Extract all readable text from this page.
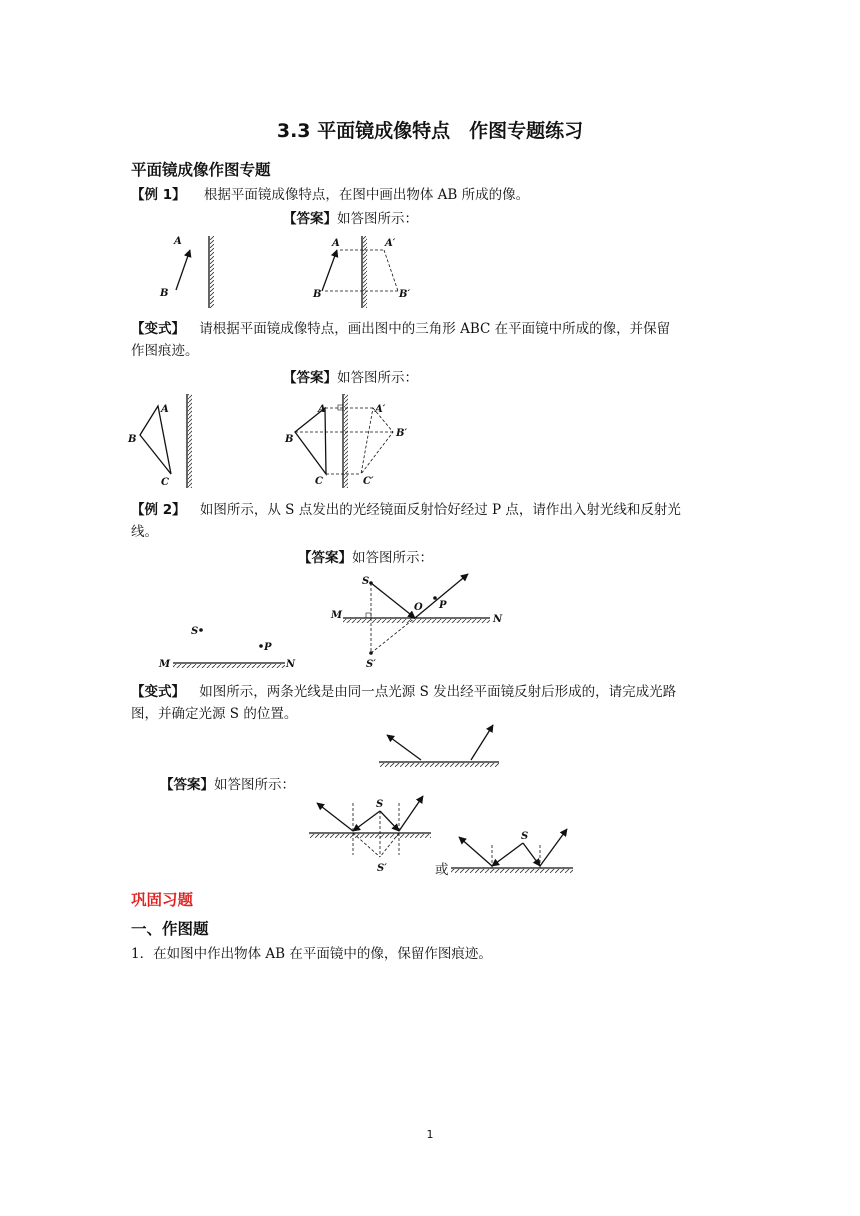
3.3 平面镜成像特点　作图专题练习
平面镜成像作图专题
【例 1】 根据平面镜成像特点，在图中画出物体 AB 所成的像。
【答案】如答图所示：
A
B
A
B
A′
B′
【变式】 请根据平面镜成像特点，画出图中的三角形 ABC 在平面镜中所成的像，并保留
作图痕迹。
【答案】如答图所示：
A
B
C
A
B
C
A′
B′
C′
【例 2】 如图所示，从 S 点发出的光经镜面反射恰好经过 P 点，请作出入射光线和反射光
线。
【答案】如答图所示：
S
P
M	N
M	N
S
P
O
S′
【变式】 如图所示，两条光线是由同一点光源 S 发出经平面镜反射后形成的，请完成光路
图，并确定光源 S 的位置。
【答案】如答图所示：
S
S′
S
或
巩固习题
一、作图题
1．在如图中作出物体 AB 在平面镜中的像，保留作图痕迹。
1
